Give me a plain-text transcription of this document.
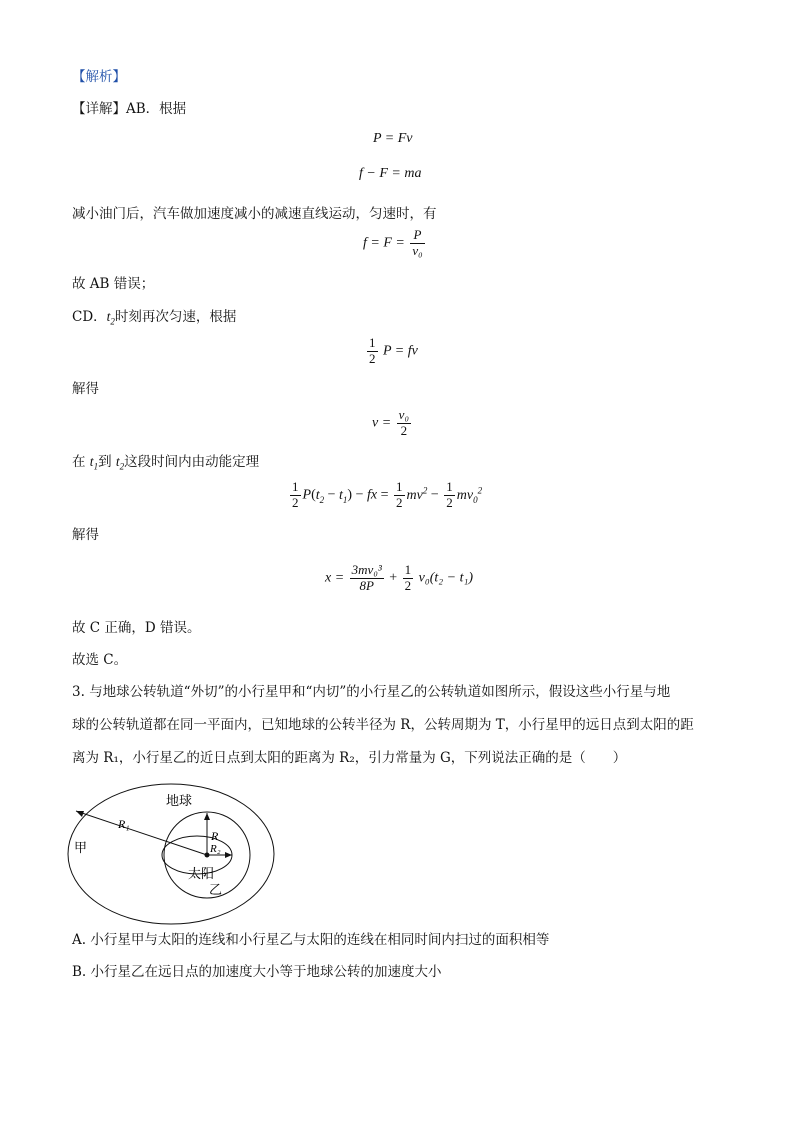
【解析】
【详解】AB．根据
P = Fv
f − F = ma
减小油门后，汽车做加速度减小的减速直线运动，匀速时，有
$f = F = \frac{P}{\text{v₀}}$
故 AB 错误；
CD．$t_2$时刻再次匀速，根据
$\frac{1}{2}$ P = fv
解得
$v = \frac{\text{v₀}}{2}$
在 $t_1$到 $t_2$这段时间内由动能定理
$\frac{1}{2} P(t_2 - t_1)$ − fx = $\frac{1}{2} mv^2 - \frac{1}{2} mv_0^2$
解得
$x = \frac{\text{3mv₀³}}{8P} + \frac{1}{2} v_0(t_2 - t_1)$
故 C 正确，D 错误。
故选 C。
3. 与地球公转轨道“外切”的小行星甲和“内切”的小行星乙的公转轨道如图所示，假设这些小行星与地
球的公转轨道都在同一平面内，已知地球的公转半径为 R，公转周期为 T，小行星甲的远日点到太阳的距
离为 R₁，小行星乙的近日点到太阳的距离为 R₂，引力常量为 G，下列说法正确的是（　　）
R₁
R
R₂
地球
甲
太阳
乙
A. 小行星甲与太阳的连线和小行星乙与太阳的连线在相同时间内扫过的面积相等
B. 小行星乙在远日点的加速度大小等于地球公转的加速度大小
